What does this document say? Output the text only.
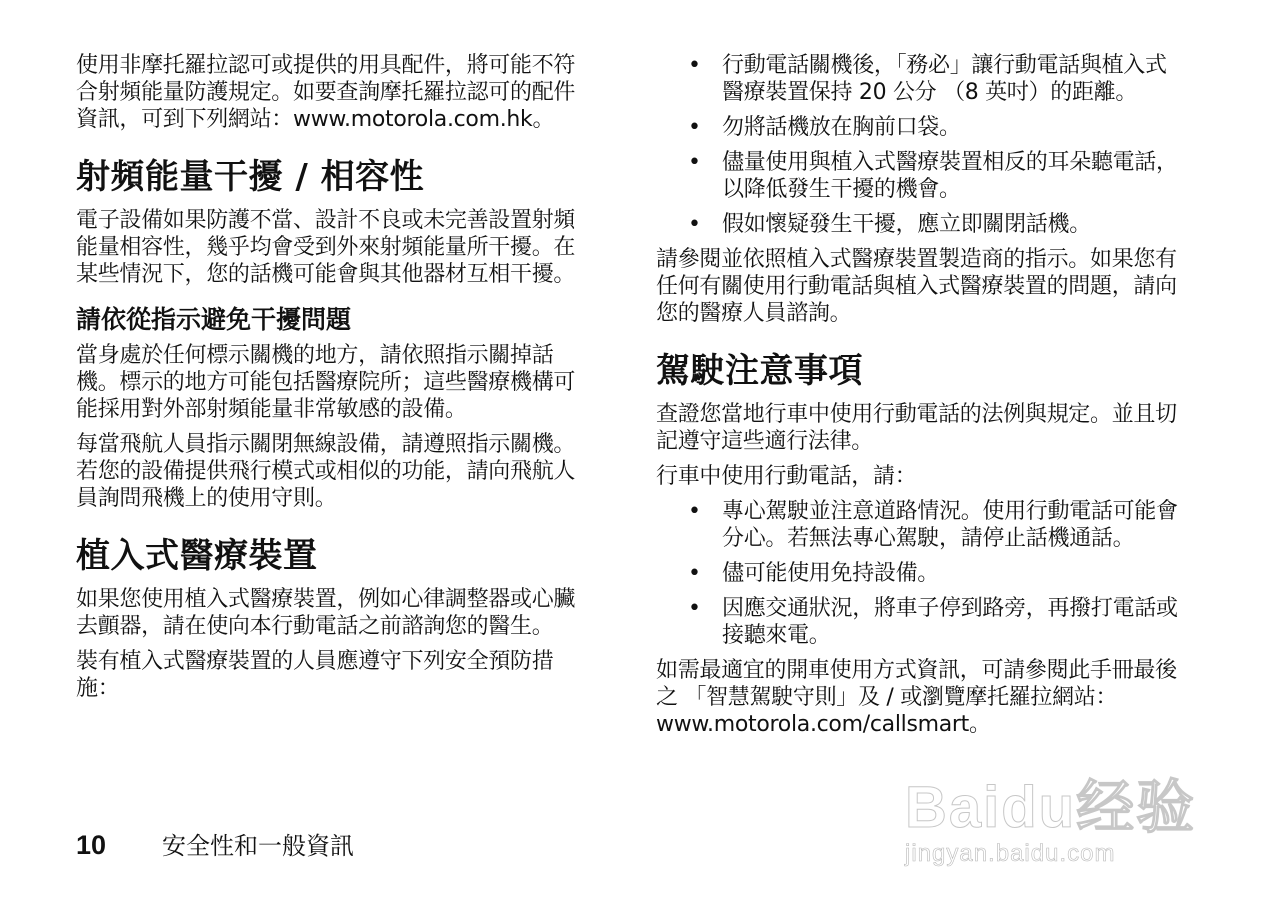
使用非摩托羅拉認可或提供的用具配件，將可能不符合射頻能量防護規定。如要查詢摩托羅拉認可的配件資訊，可到下列網站：www.motorola.com.hk。

射頻能量干擾 / 相容性

電子設備如果防護不當、設計不良或未完善設置射頻能量相容性，幾乎均會受到外來射頻能量所干擾。在某些情況下，您的話機可能會與其他器材互相干擾。

請依從指示避免干擾問題

當身處於任何標示關機的地方，請依照指示關掉話機。標示的地方可能包括醫療院所；這些醫療機構可能採用對外部射頻能量非常敏感的設備。

每當飛航人員指示關閉無線設備，請遵照指示關機。若您的設備提供飛行模式或相似的功能，請向飛航人員詢問飛機上的使用守則。

植入式醫療裝置

如果您使用植入式醫療裝置，例如心律調整器或心臟去顫器，請在使向本行動電話之前諮詢您的醫生。

裝有植入式醫療裝置的人員應遵守下列安全預防措施：

• 行動電話關機後，「務必」讓行動電話與植入式醫療裝置保持 20 公分 （8 英吋）的距離。
• 勿將話機放在胸前口袋。
• 儘量使用與植入式醫療裝置相反的耳朵聽電話，以降低發生干擾的機會。
• 假如懷疑發生干擾，應立即關閉話機。

請參閱並依照植入式醫療裝置製造商的指示。如果您有任何有關使用行動電話與植入式醫療裝置的問題，請向您的醫療人員諮詢。

駕駛注意事項

查證您當地行車中使用行動電話的法例與規定。並且切記遵守這些適行法律。

行車中使用行動電話，請：

• 專心駕駛並注意道路情況。使用行動電話可能會分心。若無法專心駕駛，請停止話機通話。
• 儘可能使用免持設備。
• 因應交通狀況，將車子停到路旁，再撥打電話或接聽來電。

如需最適宜的開車使用方式資訊，可請參閱此手冊最後之 「智慧駕駛守則」及 / 或瀏覽摩托羅拉網站：www.motorola.com/callsmart。

10 安全性和一般資訊
Baidu经验
jingyan.baidu.com
